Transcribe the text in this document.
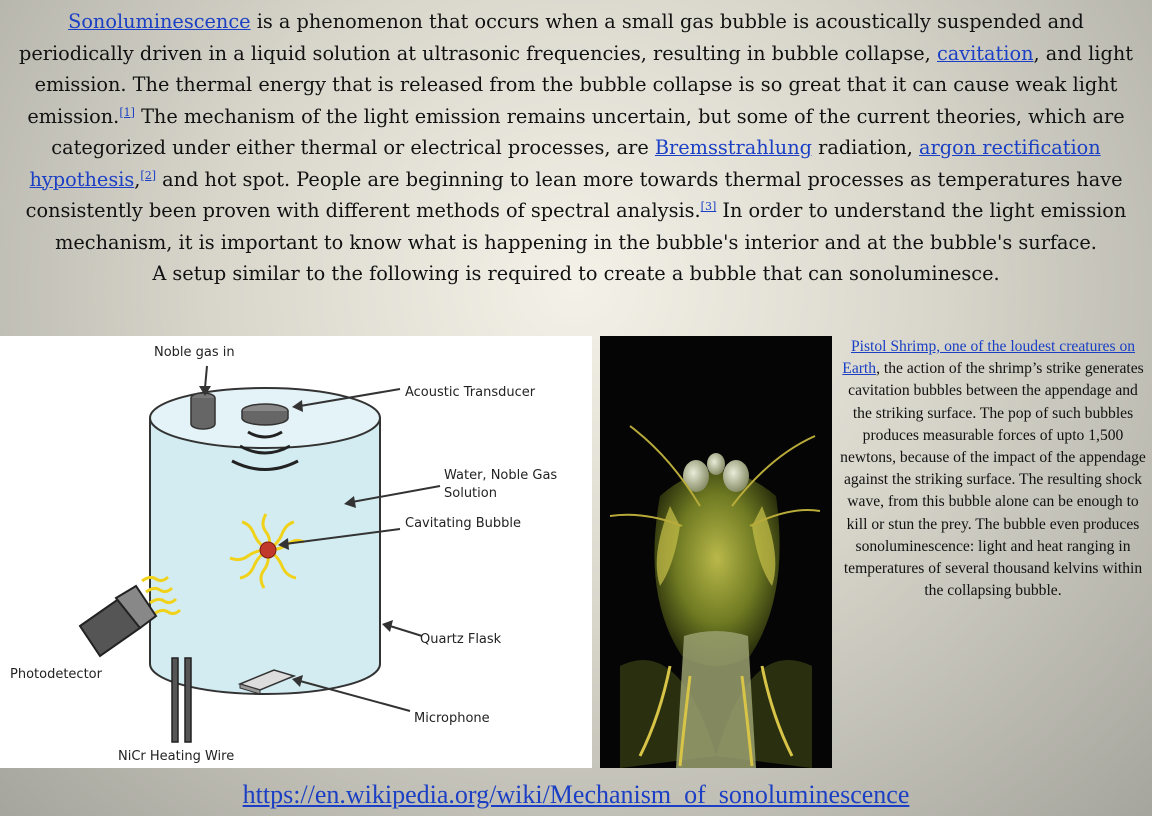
Sonoluminescence is a phenomenon that occurs when a small gas bubble is acoustically suspended and periodically driven in a liquid solution at ultrasonic frequencies, resulting in bubble collapse, cavitation, and light emission. The thermal energy that is released from the bubble collapse is so great that it can cause weak light emission.[1] The mechanism of the light emission remains uncertain, but some of the current theories, which are categorized under either thermal or electrical processes, are Bremsstrahlung radiation, argon rectification hypothesis,[2] and hot spot. People are beginning to lean more towards thermal processes as temperatures have consistently been proven with different methods of spectral analysis.[3] In order to understand the light emission mechanism, it is important to know what is happening in the bubble's interior and at the bubble's surface.
A setup similar to the following is required to create a bubble that can sonoluminesce.
Noble gas in
Acoustic Transducer
Water, Noble Gas
Solution
Cavitating Bubble
Photodetector
Quartz Flask
Microphone
NiCr Heating Wire
Pistol Shrimp, one of the loudest creatures on Earth, the action of the shrimp’s strike generates cavitation bubbles between the appendage and the striking surface. The pop of such bubbles produces measurable forces of upto 1,500 newtons, because of the impact of the appendage against the striking surface. The resulting shock wave, from this bubble alone can be enough to kill or stun the prey. The bubble even produces sonoluminescence: light and heat ranging in temperatures of several thousand kelvins within the collapsing bubble.
https://en.wikipedia.org/wiki/Mechanism_of_sonoluminescence
